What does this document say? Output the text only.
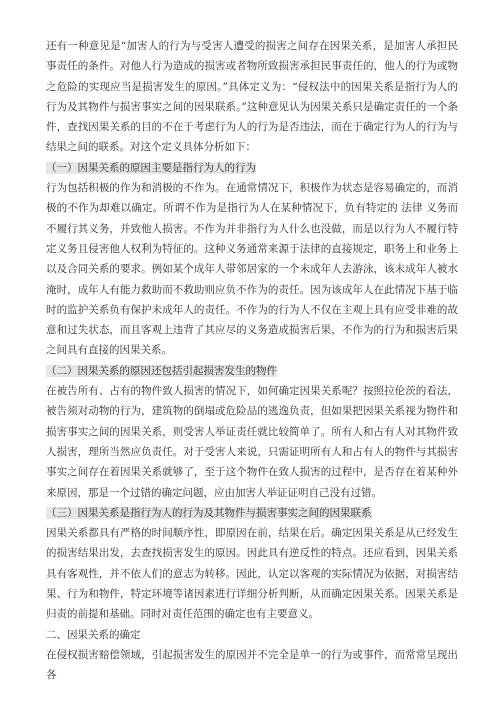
还有一种意见是“加害人的行为与受害人遭受的损害之间存在因果关系，是加害人承担民事责任的条件。对他人行为造成的损害或者物所致损害承担民事责任的，他人的行为或物之危险的实现应当是损害发生的原因。”具体定义为：“侵权法中的因果关系是指行为人的行为及其物件与损害事实之间的因果联系。”这种意见认为因果关系只是确定责任的一个条件，查找因果关系的目的不在于考虑行为人的行为是否违法，而在于确定行为人的行为与结果之间的联系。对这个定义具体分析如下：

（一）因果关系的原因主要是指行为人的行为

行为包括积极的作为和消极的不作为。在通常情况下，积极作为状态是容易确定的，而消极的不作为却难以确定。所谓不作为是指行为人在某种情况下，负有特定的 法律 义务而不履行其义务，并致他人损害。不作为并非指行为人什么也没做，而是以行为人不履行特定义务且侵害他人权利为特征的。这种义务通常来源于法律的直接规定，职务上和业务上以及合同关系的要求。例如某个成年人带邻居家的一个未成年人去游泳，该未成年人被水淹时，成年人有能力救助而不救助则应负不作为的责任。因为该成年人在此情况下基于临时的监护关系负有保护未成年人的责任。不作为的行为人不仅在主观上具有应受非难的故意和过失状态，而且客观上违背了其应尽的义务造成损害后果，不作为的行为和损害后果之间具有直接的因果关系。

（二）因果关系的原因还包括引起损害发生的物件

在被告所有、占有的物件致人损害的情况下，如何确定因果关系呢？按照拉伦茨的看法，被告须对动物的行为，建筑物的倒塌或危险品的逃逸负责，但如果把因果关系视为物件和损害事实之间的因果关系，则受害人举证责任就比较简单了。所有人和占有人对其物件致人损害，理所当然应负责任。对于受害人来说，只需证明所有人和占有人的物件与其损害事实之间存在着因果关系就够了，至于这个物件在致人损害的过程中，是否存在着某种外来原因，那是一个过错的确定问题，应由加害人举证证明自己没有过错。

（三）因果关系是指行为人的行为及其物件与损害事实之间的因果联系

因果关系都具有严格的时间顺序性，即原因在前，结果在后。确定因果关系是从已经发生的损害结果出发，去查找损害发生的原因。因此具有逆反性的特点。还应看到，因果关系具有客观性，并不依人们的意志为转移。因此，认定以客观的实际情况为依据，对损害结果、行为和物件，特定环境等诸因素进行详细分析判断，从而确定因果关系。因果关系是归责的前提和基础。同时对责任范围的确定也有主要意义。

二、因果关系的确定

在侵权损害赔偿领域，引起损害发生的原因并不完全是单一的行为或事件，而常常呈现出各
